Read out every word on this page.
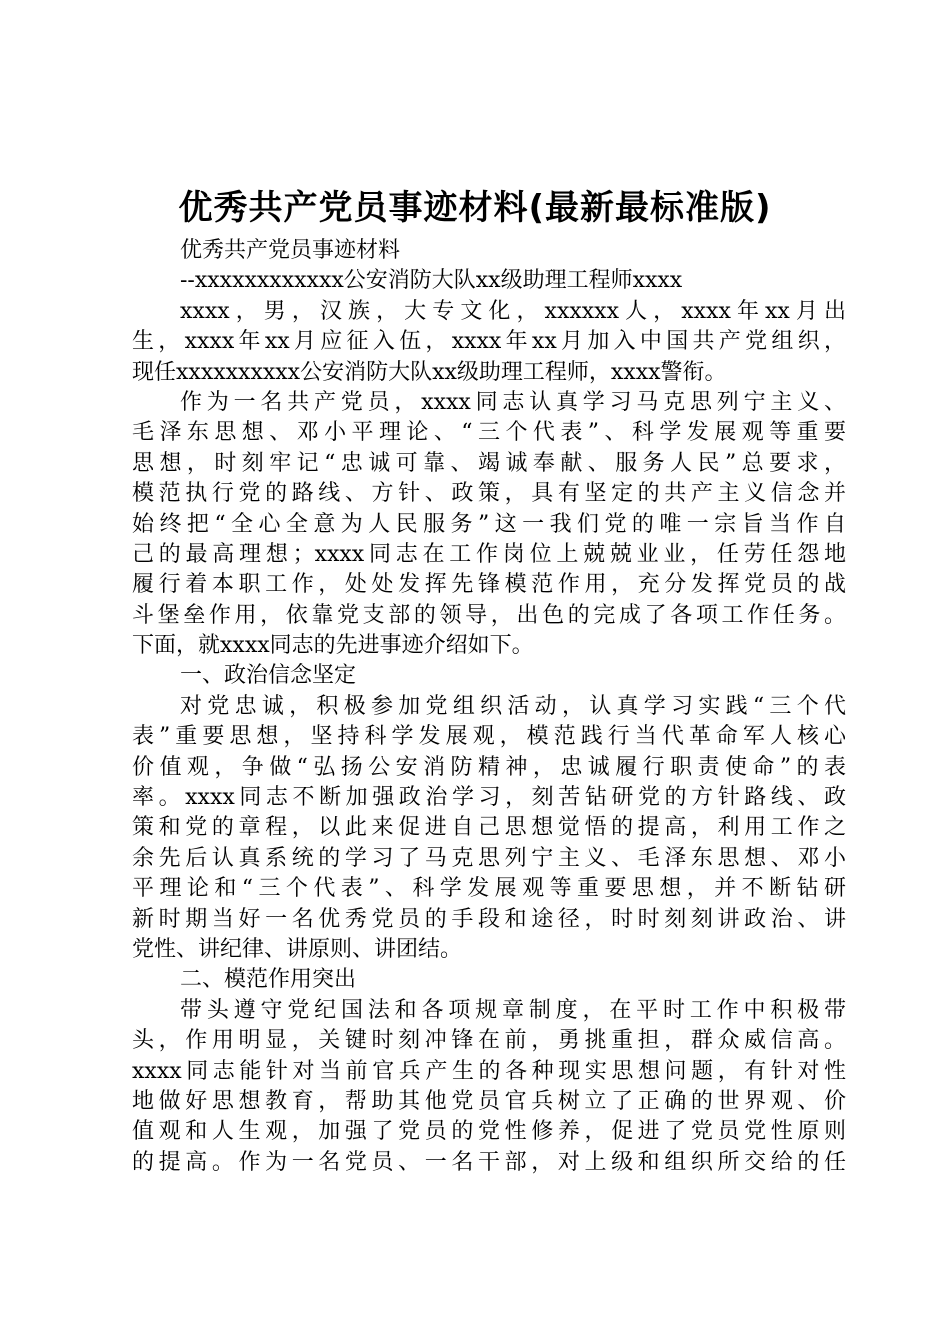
优秀共产党员事迹材料(最新最标准版)
优秀共产党员事迹材料
--xxxxxxxxxxxx公安消防大队xx级助理工程师xxxx
xxxx，男，汉族，大专文化，xxxxxx人，xxxx年xx月出
生，xxxx年xx月应征入伍，xxxx年xx月加入中国共产党组织，
现任xxxxxxxxxx公安消防大队xx级助理工程师，xxxx警衔。
作为一名共产党员，xxxx同志认真学习马克思列宁主义、
毛泽东思想、邓小平理论、“三个代表”、科学发展观等重要
思想，时刻牢记“忠诚可靠、竭诚奉献、服务人民”总要求，
模范执行党的路线、方针、政策，具有坚定的共产主义信念并
始终把“全心全意为人民服务”这一我们党的唯一宗旨当作自
己的最高理想；xxxx同志在工作岗位上兢兢业业，任劳任怨地
履行着本职工作，处处发挥先锋模范作用，充分发挥党员的战
斗堡垒作用，依靠党支部的领导，出色的完成了各项工作任务。
下面，就xxxx同志的先进事迹介绍如下。
一、政治信念坚定
对党忠诚，积极参加党组织活动，认真学习实践“三个代
表”重要思想，坚持科学发展观，模范践行当代革命军人核心
价值观，争做“弘扬公安消防精神，忠诚履行职责使命”的表
率。xxxx同志不断加强政治学习，刻苦钻研党的方针路线、政
策和党的章程，以此来促进自己思想觉悟的提高，利用工作之
余先后认真系统的学习了马克思列宁主义、毛泽东思想、邓小
平理论和“三个代表”、科学发展观等重要思想，并不断钻研
新时期当好一名优秀党员的手段和途径，时时刻刻讲政治、讲
党性、讲纪律、讲原则、讲团结。
二、模范作用突出
带头遵守党纪国法和各项规章制度，在平时工作中积极带
头，作用明显，关键时刻冲锋在前，勇挑重担，群众威信高。
xxxx同志能针对当前官兵产生的各种现实思想问题，有针对性
地做好思想教育，帮助其他党员官兵树立了正确的世界观、价
值观和人生观，加强了党员的党性修养，促进了党员党性原则
的提高。作为一名党员、一名干部，对上级和组织所交给的任
